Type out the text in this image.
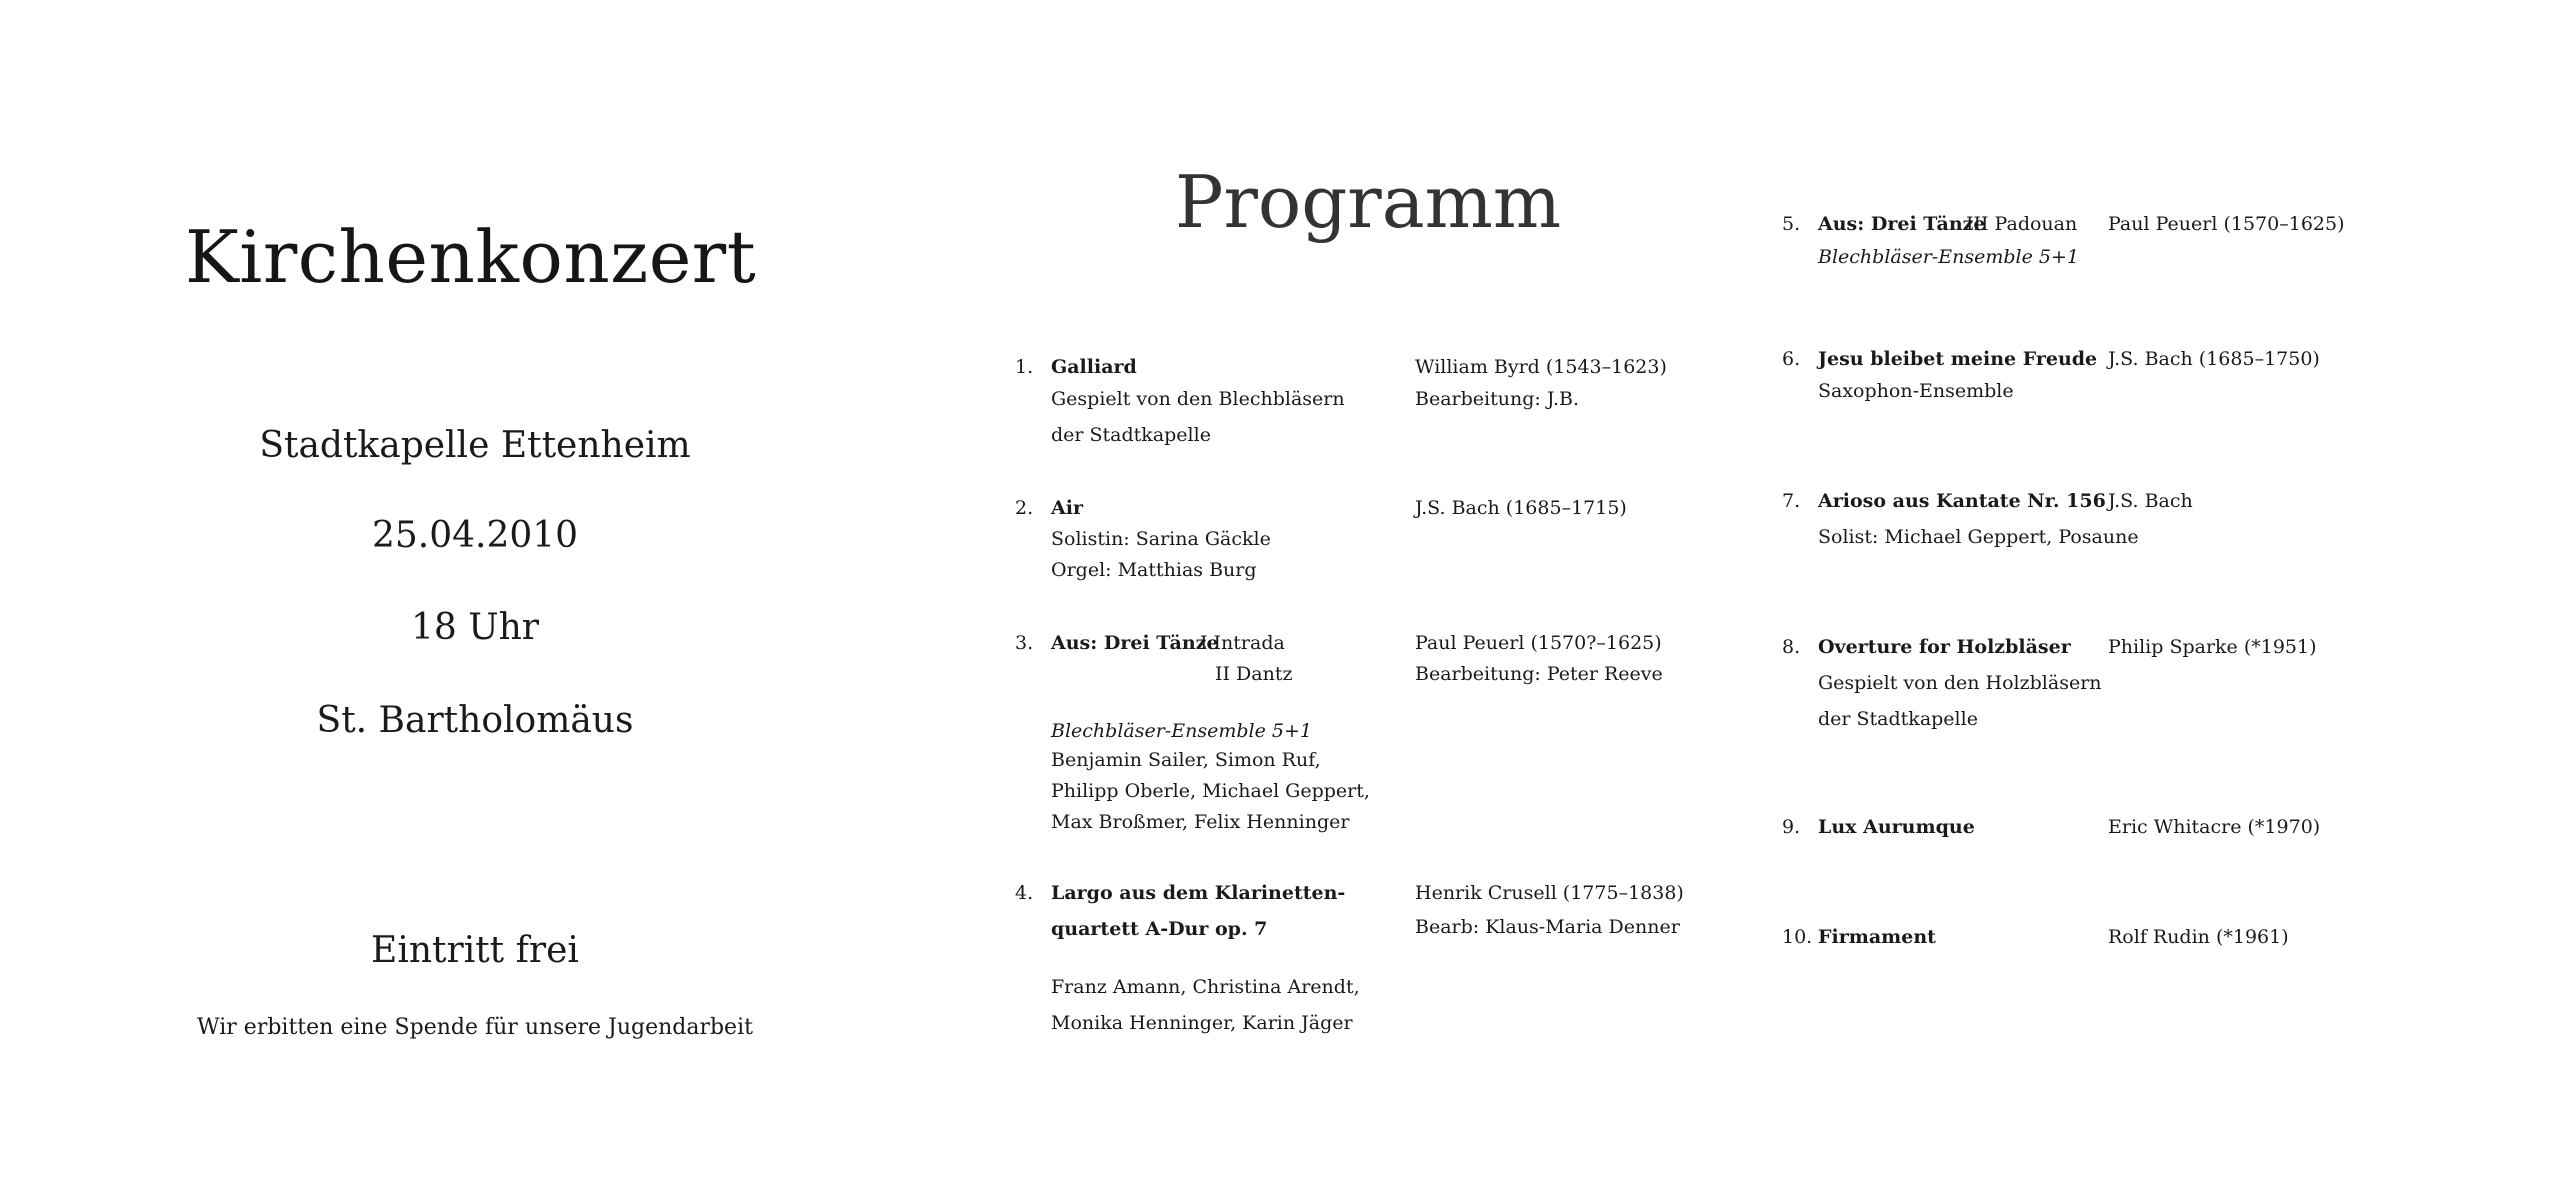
Kirchenkonzert
Stadtkapelle Ettenheim
25.04.2010
18 Uhr
St. Bartholomäus
Eintritt frei
Wir erbitten eine Spende für unsere Jugendarbeit
Programm
1. Galliard
Gespielt von den Blechbläsern
der Stadtkapelle
William Byrd (1543–1623)
Bearbeitung: J.B.
2. Air
Solistin: Sarina Gäckle
Orgel: Matthias Burg
J.S. Bach (1685–1715)
3. Aus: Drei Tänze
I Intrada
II Dantz
Blechbläser-Ensemble 5+1
Benjamin Sailer, Simon Ruf,
Philipp Oberle, Michael Geppert,
Max Broßmer, Felix Henninger
Paul Peuerl (1570?–1625)
Bearbeitung: Peter Reeve
4. Largo aus dem Klarinetten-
quartett A-Dur op. 7
Franz Amann, Christina Arendt,
Monika Henninger, Karin Jäger
Henrik Crusell (1775–1838)
Bearb: Klaus-Maria Denner
5. Aus: Drei Tänze
III Padouan
Blechbläser-Ensemble 5+1
Paul Peuerl (1570–1625)
6. Jesu bleibet meine Freude
Saxophon-Ensemble
J.S. Bach (1685–1750)
7. Arioso aus Kantate Nr. 156
Solist: Michael Geppert, Posaune
J.S. Bach
8. Overture for Holzbläser
Gespielt von den Holzbläsern
der Stadtkapelle
Philip Sparke (*1951)
9. Lux Aurumque	Eric Whitacre (*1970)
10. Firmament	Rolf Rudin (*1961)
